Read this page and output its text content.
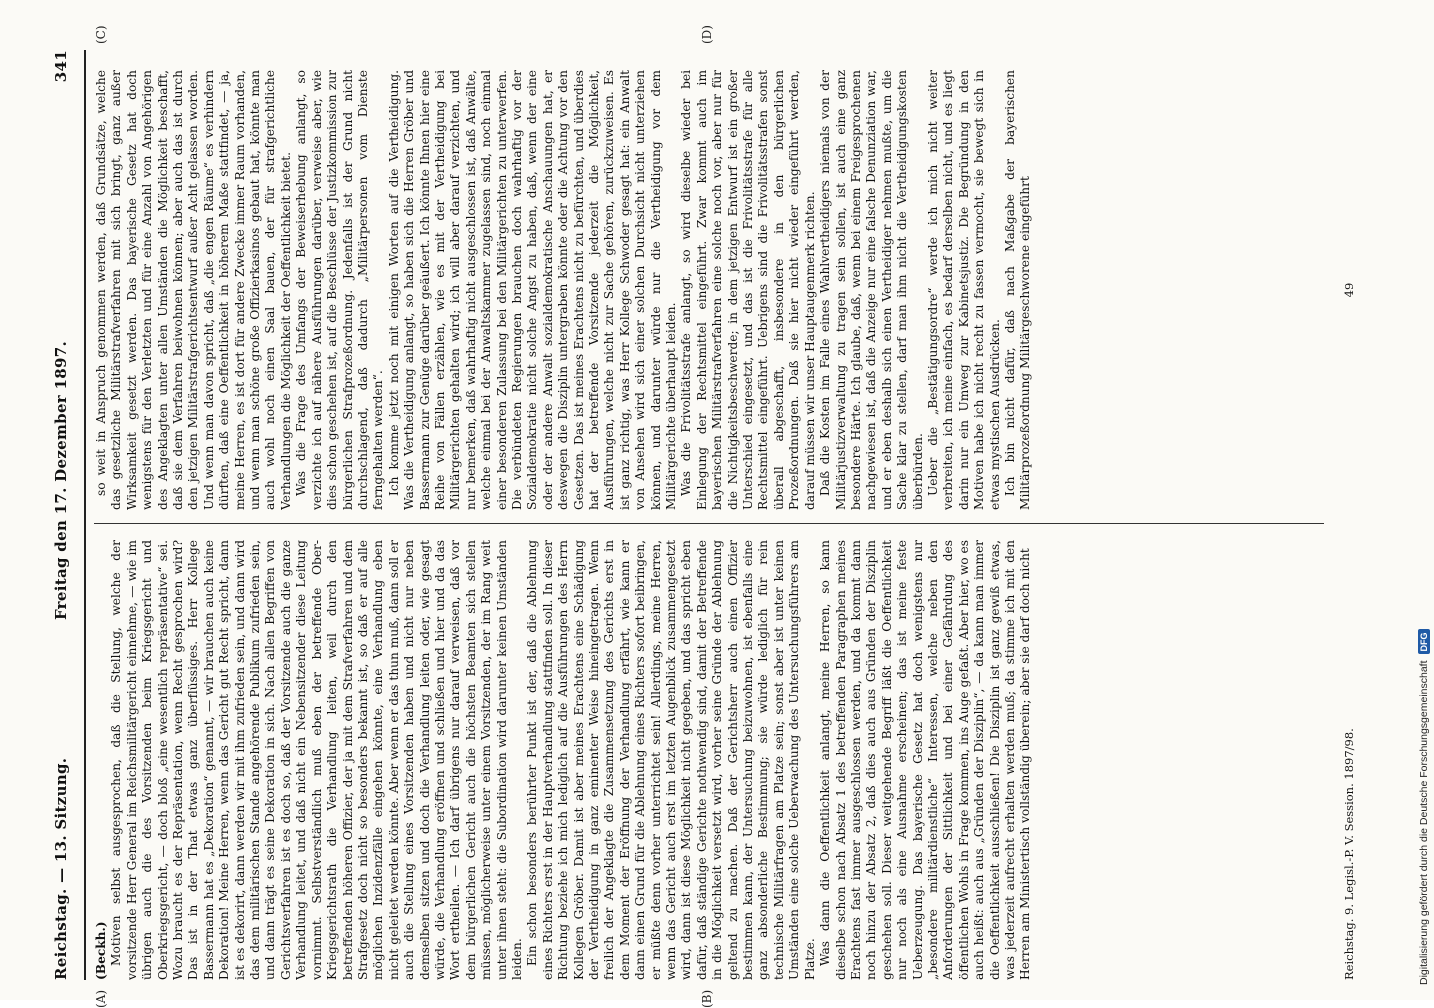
Reichstag. — 13. Sitzung.
Freitag den 17. Dezember 1897.
341
(A)	(B)
(C)	(D)
(Beckh.) Motiven selbst ausgesprochen, daß die Stellung, welche der vorsitzende Herr General im Reichsmilitärgericht einnehme, — wie im übrigen auch die des Vorsitzenden beim Kriegsgericht und Oberkriegsgericht, — doch bloß „eine wesentlich repräsentative“ sei. Wozu braucht es der Repräsentation, wenn Recht gesprochen wird? Das ist in der That etwas ganz überflüssiges. Herr Kollege Bassermann hat es „Dekoration“ genannt, — wir brauchen auch keine Dekoration! Meine Herren, wenn das Gericht gut Recht spricht, dann ist es dekorirt, dann werden wir mit ihm zufrieden sein, und dann wird das dem militärischen Stande angehörende Publikum zufrieden sein, und dann trägt es seine Dekoration in sich. Nach allen Begriffen von Gerichtsverfahren ist es doch so, daß der Vorsitzende auch die ganze Verhandlung leitet, und daß nicht ein Nebensitzender diese Leitung vornimmt. Selbstverständlich muß eben der betreffende Ober-Kriegsgerichtsrath die Verhandlung leiten, weil durch den betreffenden höheren Offizier, der ja mit dem Strafverfahren und dem Strafgesetz doch nicht so besonders bekannt ist, so daß er auf alle möglichen Inzidenzfälle eingehen könnte, eine Verhandlung eben nicht geleitet werden könnte. Aber wenn er das thun muß, dann soll er auch die Stellung eines Vorsitzenden haben und nicht nur neben demselben sitzen und doch die Verhandlung leiten oder, wie gesagt würde, die Verhandlung eröffnen und schließen und hier und da das Wort ertheilen. — Ich darf übrigens nur darauf verweisen, daß vor dem bürgerlichen Gericht auch die höchsten Beamten sich stellen müssen, möglicherweise unter einem Vorsitzenden, der im Rang weit unter ihnen steht: die Subordination wird darunter keinen Umständen leiden. Ein schon besonders berührter Punkt ist der, daß die Ablehnung eines Richters erst in der Hauptverhandlung stattfinden soll. In dieser Richtung beziehe ich mich lediglich auf die Ausführungen des Herrn Kollegen Gröber. Damit ist aber meines Erachtens eine Schädigung der Vertheidigung in ganz eminenter Weise hineingetragen. Wenn freilich der Angeklagte die Zusammensetzung des Gerichts erst in dem Moment der Eröffnung der Verhandlung erfährt, wie kann er dann einen Grund für die Ablehnung eines Richters sofort beibringen, er müßte denn vorher unterrichtet sein! Allerdings, meine Herren, wenn das Gericht auch erst im letzten Augenblick zusammengesetzt wird, dann ist diese Möglichkeit nicht gegeben, und das spricht eben dafür, daß ständige Gerichte nothwendig sind, damit der Betreffende in die Möglichkeit versetzt wird, vorher seine Gründe der Ablehnung geltend zu machen. Daß der Gerichtsherr auch einen Offizier bestimmen kann, der Untersuchung beizuwohnen, ist ebenfalls eine ganz absonderliche Bestimmung; sie würde lediglich für rein technische Militärfragen am Platze sein; sonst aber ist unter keinen Umständen eine solche Ueberwachung des Untersuchungsführers am Platze. Was dann die Oeffentlichkeit anlangt, meine Herren, so kann dieselbe schon nach Absatz 1 des betreffenden Paragraphen meines Erachtens fast immer ausgeschlossen werden, und da kommt dann noch hinzu der Absatz 2, daß dies auch aus Gründen der Disziplin geschehen soll. Dieser weitgehende Begriff läßt die Oeffentlichkeit nur noch als eine Ausnahme erscheinen; das ist meine feste Ueberzeugung. Das bayerische Gesetz hat doch wenigstens nur „besondere militärdienstliche“ Interessen, welche neben den Anforderungen der Sittlichkeit und bei einer Gefährdung des öffentlichen Wohls in Frage kommen, ins Auge gefaßt. Aber hier, wo es auch heißt: auch aus „Gründen der Disziplin“, — da kann man immer die Oeffentlichkeit ausschließen! Die Disziplin ist ganz gewiß etwas, was jederzeit aufrecht erhalten werden muß; da stimme ich mit den Herren am Ministertisch vollständig überein; aber sie darf doch nicht

so weit in Anspruch genommen werden, daß Grundsätze, welche das gesetzliche Militärstrafverfahren mit sich bringt, ganz außer Wirksamkeit gesetzt werden. Das bayerische Gesetz hat doch wenigstens für den Verletzten und für eine Anzahl von Angehörigen des Angeklagten unter allen Umständen die Möglichkeit beschafft, daß sie dem Verfahren beiwohnen können; aber auch das ist durch den jetzigen Militärstrafgerichtsentwurf außer Acht gelassen worden. Und wenn man davon spricht, daß „die engen Räume“ es verhindern dürften, daß eine Oeffentlichkeit in höherem Maße stattfindet, — ja, meine Herren, es ist dort für andere Zwecke immer Raum vorhanden, und wenn man schöne große Offizierkasinos gebaut hat, könnte man auch wohl noch einen Saal bauen, der für strafgerichtliche Verhandlungen die Möglichkeit der Oeffentlichkeit bietet. Was die Frage des Umfangs der Beweiserhebung anlangt, so verzichte ich auf nähere Ausführungen darüber, verweise aber, wie dies schon geschehen ist, auf die Beschlüsse der Justizkommission zur bürgerlichen Strafprozeßordnung. Jedenfalls ist der Grund nicht durchschlagend, daß dadurch „Militärpersonen vom Dienste ferngehalten werden“. Ich komme jetzt noch mit einigen Worten auf die Vertheidigung. Was die Vertheidigung anlangt, so haben sich die Herren Gröber und Bassermann zur Genüge darüber geäußert. Ich könnte Ihnen hier eine Reihe von Fällen erzählen, wie es mit der Vertheidigung bei Militärgerichten gehalten wird; ich will aber darauf verzichten, und nur bemerken, daß wahrhaftig nicht ausgeschlossen ist, daß Anwälte, welche einmal bei der Anwaltskammer zugelassen sind, noch einmal einer besonderen Zulassung bei den Militärgerichten zu unterwerfen. Die verbündeten Regierungen brauchen doch wahrhaftig vor der Sozialdemokratie nicht solche Angst zu haben, daß, wenn der eine oder der andere Anwalt sozialdemokratische Anschauungen hat, er deswegen die Disziplin untergraben könnte oder die Achtung vor den Gesetzen. Das ist meines Erachtens nicht zu befürchten, und überdies hat der betreffende Vorsitzende jederzeit die Möglichkeit, Ausführungen, welche nicht zur Sache gehören, zurückzuweisen. Es ist ganz richtig, was Herr Kollege Schwoder gesagt hat: ein Anwalt von Ansehen wird sich einer solchen Durchsicht nicht unterziehen können, und darunter würde nur die Vertheidigung vor dem Militärgerichte überhaupt leiden. Was die Frivolitätsstrafe anlangt, so wird dieselbe wieder bei Einlegung der Rechtsmittel eingeführt. Zwar kommt auch im bayerischen Militärstrafverfahren eine solche noch vor, aber nur für die Nichtigkeitsbeschwerde; in dem jetzigen Entwurf ist ein großer Unterschied eingesetzt, und das ist die Frivolitätsstrafe für alle Rechtsmittel eingeführt. Uebrigens sind die Frivolitätsstrafen sonst überall abgeschafft, insbesondere in den bürgerlichen Prozeßordnungen. Daß sie hier nicht wieder eingeführt werden, darauf müssen wir unser Hauptaugenmerk richten. Daß die Kosten im Falle eines Wahlvertheidigers niemals von der Militärjustizverwaltung zu tragen sein sollen, ist auch eine ganz besondere Härte. Ich glaube, daß, wenn bei einem Freigesprochenen nachgewiesen ist, daß die Anzeige nur eine falsche Denunziation war, und er eben deshalb sich einen Vertheidiger nehmen mußte, um die Sache klar zu stellen, darf man ihm nicht die Vertheidigungskosten überbürden. Ueber die „Bestätigungsordre“ werde ich mich nicht weiter verbreiten, ich meine einfach, es bedarf derselben nicht, und es liegt darin nur ein Umweg zur Kabinetsjustiz. Die Begründung in den Motiven habe ich nicht recht zu fassen vermocht, sie bewegt sich in etwas mystischen Ausdrücken. Ich bin nicht dafür, daß nach Maßgabe der bayerischen Militärprozeßordnung Militärgeschworene eingeführt

Reichstag. 9. Legisl.-P. V. Session. 1897/98.
49
Digitalisierung gefördert durch die Deutsche Forschungsgemeinschaft
DFG
